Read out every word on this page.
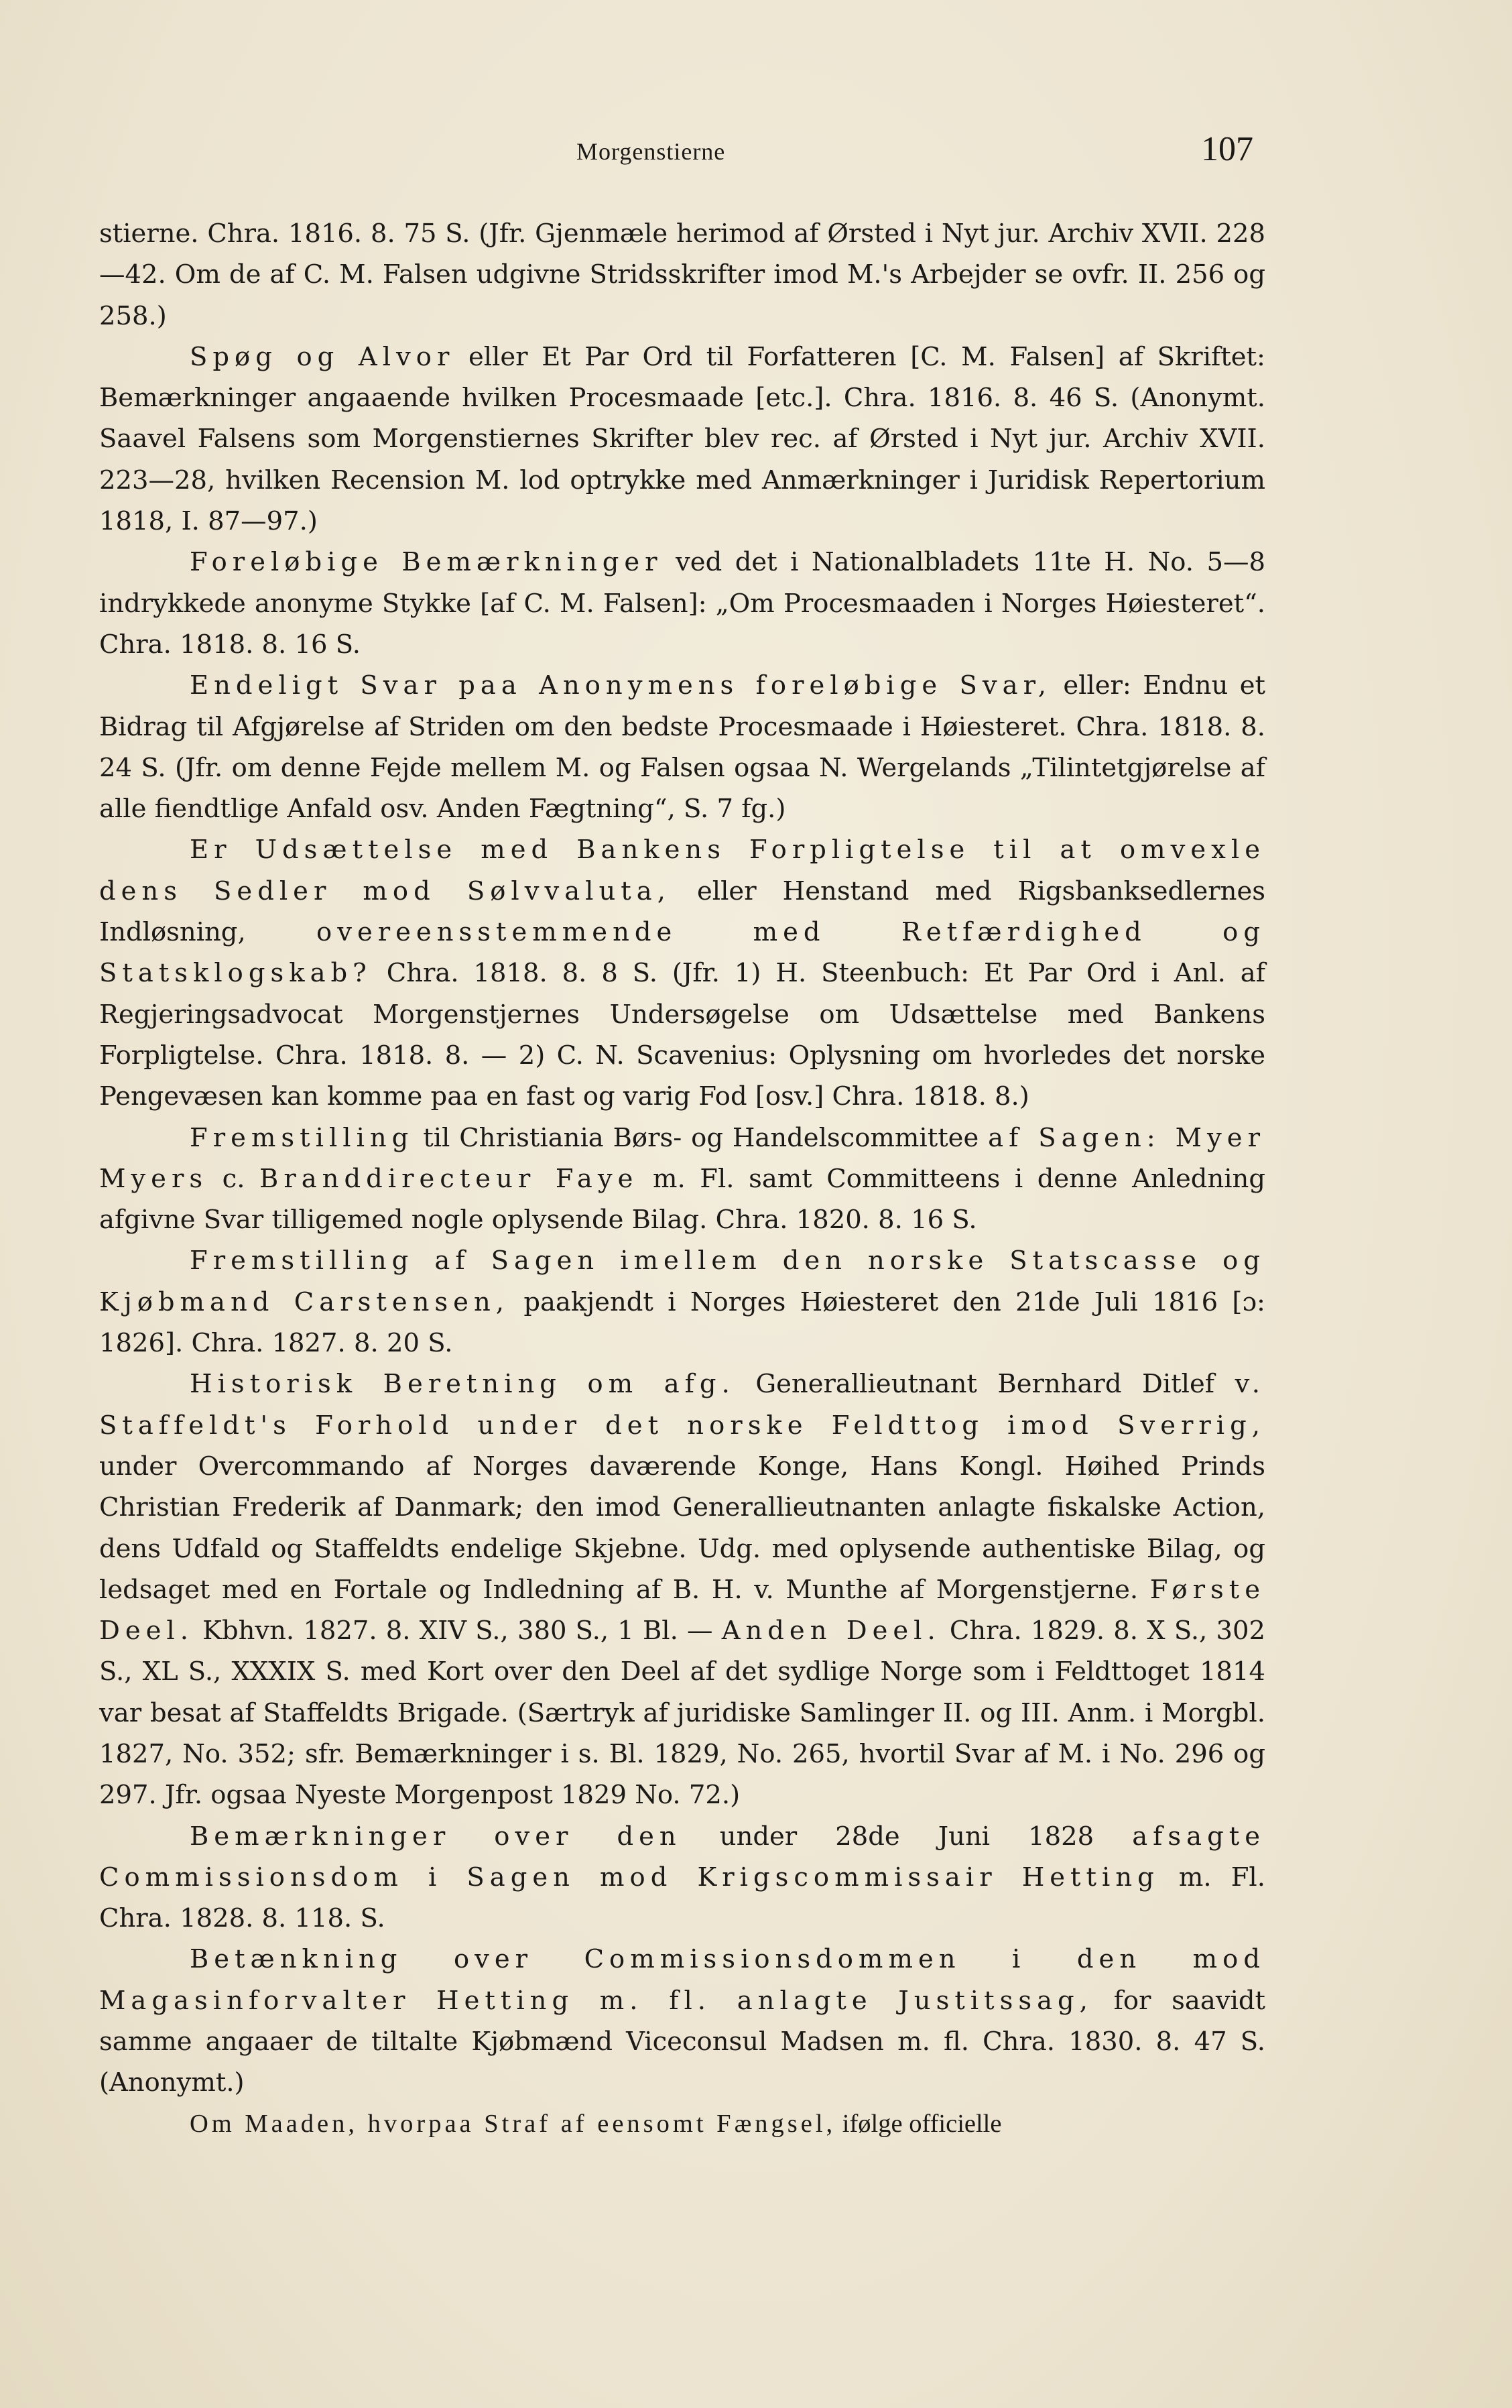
Morgenstierne	107

stierne. Chra. 1816. 8. 75 S. (Jfr. Gjenmæle herimod af Ørsted i Nyt jur. Archiv XVII. 228—42. Om de af C. M. Falsen udgivne Stridsskrifter imod M.'s Arbejder se ovfr. II. 256 og 258.)

Spøg og Alvor eller Et Par Ord til Forfatteren [C. M. Falsen] af Skriftet: Bemærkninger angaaende hvilken Procesmaade [etc.]. Chra. 1816. 8. 46 S. (Anonymt. Saavel Falsens som Morgenstiernes Skrifter blev rec. af Ørsted i Nyt jur. Archiv XVII. 223—28, hvilken Recension M. lod optrykke med Anmærkninger i Juridisk Repertorium 1818, I. 87—97.)

Foreløbige Bemærkninger ved det i Nationalbladets 11te H. No. 5—8 indrykkede anonyme Stykke [af C. M. Falsen]: „Om Procesmaaden i Norges Høiesteret“. Chra. 1818. 8. 16 S.

Endeligt Svar paa Anonymens foreløbige Svar, eller: Endnu et Bidrag til Afgjørelse af Striden om den bedste Procesmaade i Høiesteret. Chra. 1818. 8. 24 S. (Jfr. om denne Fejde mellem M. og Falsen ogsaa N. Wergelands „Tilintetgjørelse af alle fiendtlige Anfald osv. Anden Fægtning“, S. 7 fg.)

Er Udsættelse med Bankens Forpligtelse til at omvexle dens Sedler mod Sølvvaluta, eller Henstand med Rigsbanksedlernes Indløsning, overeensstemmende med Retfærdighed og Statsklogskab? Chra. 1818. 8. 8 S. (Jfr. 1) H. Steenbuch: Et Par Ord i Anl. af Regjeringsadvocat Morgenstjernes Undersøgelse om Udsættelse med Bankens Forpligtelse. Chra. 1818. 8. — 2) C. N. Scavenius: Oplysning om hvorledes det norske Pengevæsen kan komme paa en fast og varig Fod [osv.] Chra. 1818. 8.)

Fremstilling til Christiania Børs- og Handelscommittee af Sagen: Myer Myers c. Branddirecteur Faye m. Fl. samt Committeens i denne Anledning afgivne Svar tilligemed nogle oplysende Bilag. Chra. 1820. 8. 16 S.

Fremstilling af Sagen imellem den norske Statscasse og Kjøbmand Carstensen, paakjendt i Norges Høiesteret den 21de Juli 1816 [ɔ: 1826]. Chra. 1827. 8. 20 S.

Historisk Beretning om afg. Generallieutnant Bernhard Ditlef v. Staffeldt's Forhold under det norske Feldttog imod Sverrig, under Overcommando af Norges daværende Konge, Hans Kongl. Høihed Prinds Christian Frederik af Danmark; den imod Generallieutnanten anlagte fiskalske Action, dens Udfald og Staffeldts endelige Skjebne. Udg. med oplysende authentiske Bilag, og ledsaget med en Fortale og Indledning af B. H. v. Munthe af Morgenstjerne. Første Deel. Kbhvn. 1827. 8. XIV S., 380 S., 1 Bl. — Anden Deel. Chra. 1829. 8. X S., 302 S., XL S., XXXIX S. med Kort over den Deel af det sydlige Norge som i Feldttoget 1814 var besat af Staffeldts Brigade. (Særtryk af juridiske Samlinger II. og III. Anm. i Morgbl. 1827, No. 352; sfr. Bemærkninger i s. Bl. 1829, No. 265, hvortil Svar af M. i No. 296 og 297. Jfr. ogsaa Nyeste Morgenpost 1829 No. 72.)

Bemærkninger over den under 28de Juni 1828 afsagte Commissionsdom i Sagen mod Krigscommissair Hetting m. Fl. Chra. 1828. 8. 118. S.

Betænkning over Commissionsdommen i den mod Magasinforvalter Hetting m. fl. anlagte Justitssag, for saavidt samme angaaer de tiltalte Kjøbmænd Viceconsul Madsen m. fl. Chra. 1830. 8. 47 S. (Anonymt.)

Om Maaden, hvorpaa Straf af eensomt Fængsel, ifølge officielle
